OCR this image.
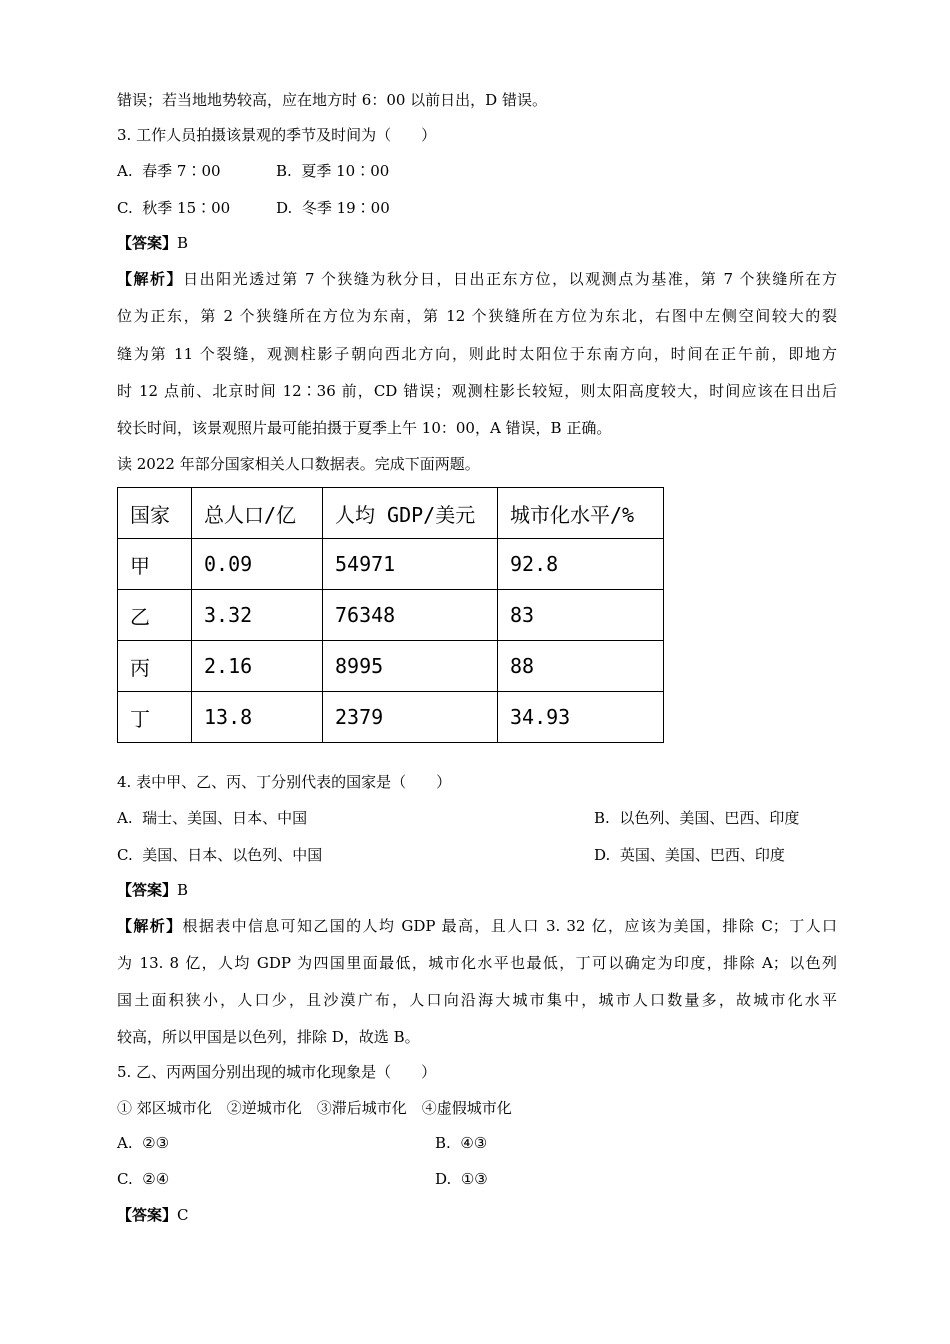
错误；若当地地势较高，应在地方时 6：00 以前日出，D 错误。
3. 工作人员拍摄该景观的季节及时间为（　　）
A. 春季 7∶00	B. 夏季 10∶00
C. 秋季 15∶00	D. 冬季 19∶00
【答案】B
【解析】日出阳光透过第 7 个狭缝为秋分日，日出正东方位，以观测点为基准，第 7 个狭缝所在方
位为正东，第 2 个狭缝所在方位为东南，第 12 个狭缝所在方位为东北，右图中左侧空间较大的裂
缝为第 11 个裂缝，观测柱影子朝向西北方向，则此时太阳位于东南方向，时间在正午前，即地方
时 12 点前、北京时间 12∶36 前，CD 错误；观测柱影长较短，则太阳高度较大，时间应该在日出后
较长时间，该景观照片最可能拍摄于夏季上午 10：00，A 错误，B 正确。
读 2022 年部分国家相关人口数据表。完成下面两题。
国家	总人口/亿	人均 GDP/美元	城市化水平/%
甲	0.09	54971	92.8
乙	3.32	76348	83
丙	2.16	8995	88
丁	13.8	2379	34.93
4. 表中甲、乙、丙、丁分别代表的国家是（　　）
A. 瑞士、美国、日本、中国	B. 以色列、美国、巴西、印度
C. 美国、日本、以色列、中国	D. 英国、美国、巴西、印度
【答案】B
【解析】根据表中信息可知乙国的人均 GDP 最高，且人口 3. 32 亿，应该为美国，排除 C；丁人口
为 13. 8 亿，人均 GDP 为四国里面最低，城市化水平也最低，丁可以确定为印度，排除 A；以色列
国土面积狭小，人口少，且沙漠广布，人口向沿海大城市集中，城市人口数量多，故城市化水平
较高，所以甲国是以色列，排除 D，故选 B。
5. 乙、丙两国分别出现的城市化现象是（　　）
① 郊区城市化　②逆城市化　③滞后城市化　④虚假城市化
A. ②③	B. ④③
C. ②④	D. ①③
【答案】C
